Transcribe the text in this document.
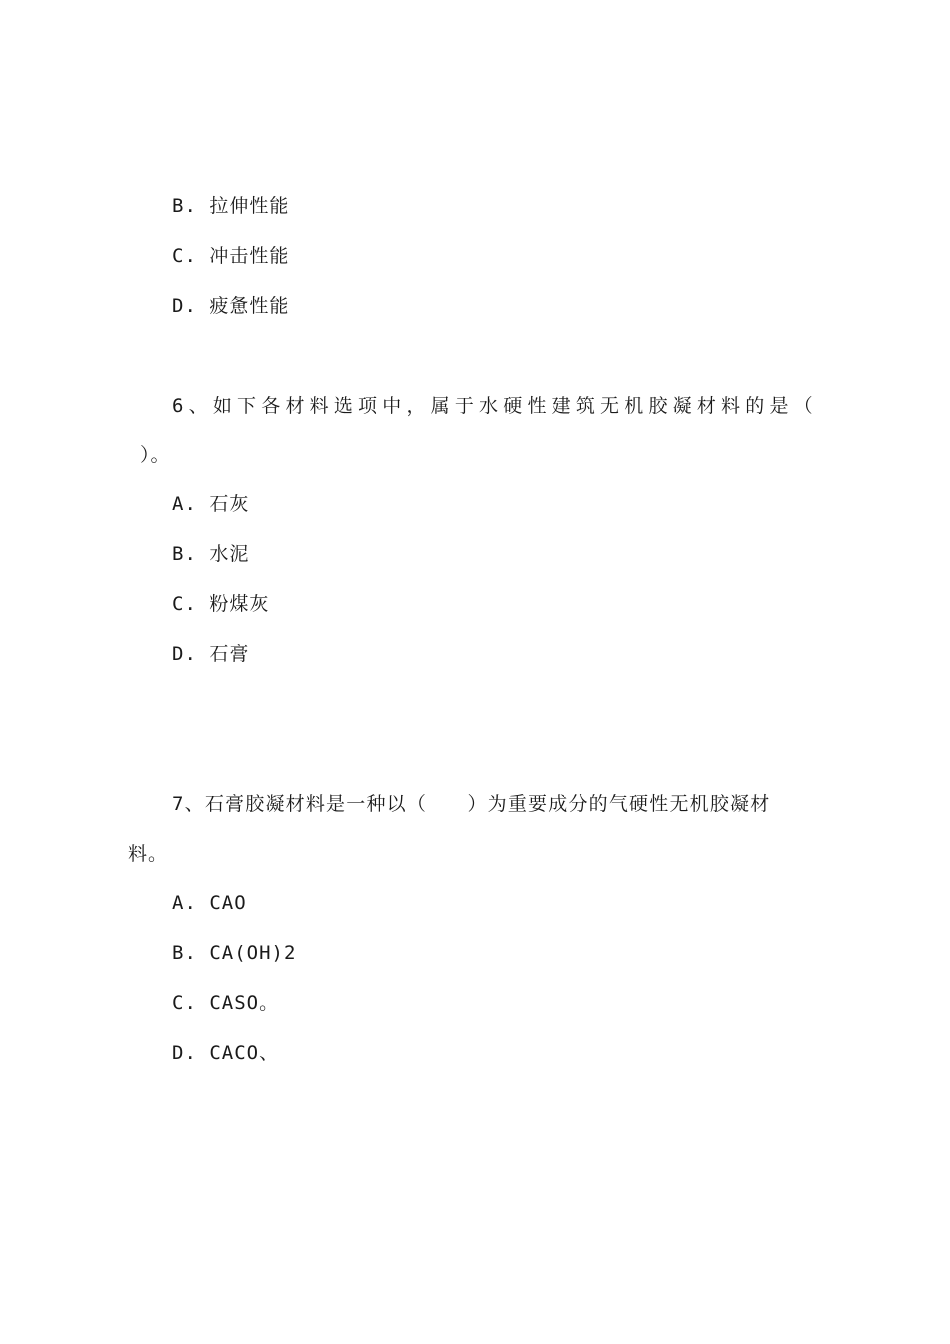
B. 拉伸性能
C. 冲击性能
D. 疲惫性能
6、如下各材料选项中，属于水硬性建筑无机胶凝材料的是（
）。
A. 石灰
B. 水泥
C. 粉煤灰
D. 石膏
7、石膏胶凝材料是一种以（　　）为重要成分的气硬性无机胶凝材
料。
A. CAO
B. CA(OH)2
C. CASO。
D. CACO、
